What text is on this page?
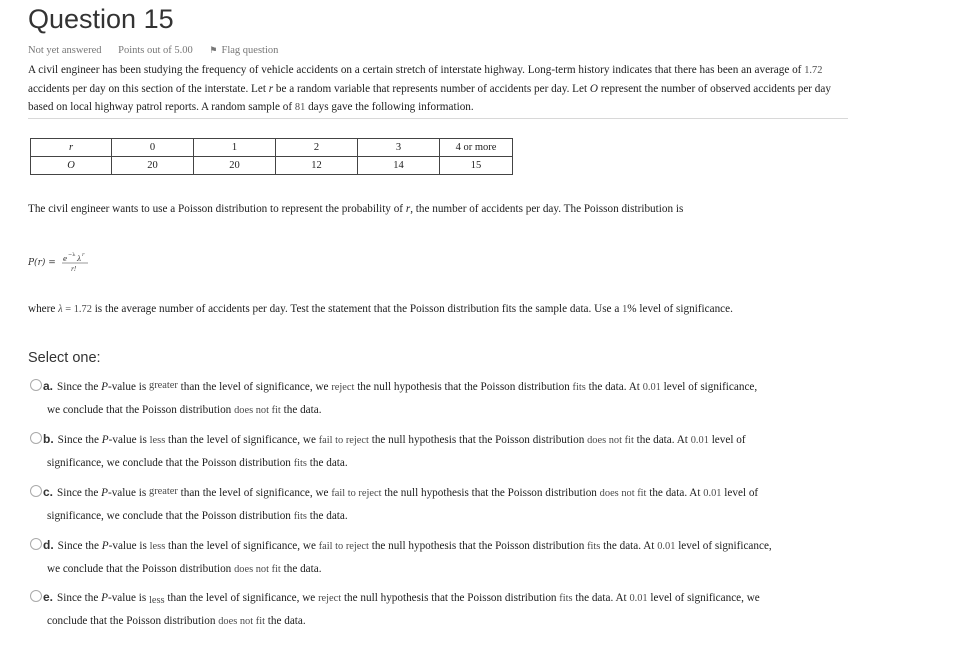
Question 15
Not yet answered Points out of 5.00 ⚑ Flag question
A civil engineer has been studying the frequency of vehicle accidents on a certain stretch of interstate highway. Long-term history indicates that there has been an average of 1.72 accidents per day on this section of the interstate. Let r be a random variable that represents number of accidents per day. Let O represent the number of observed accidents per day based on local highway patrol reports. A random sample of 81 days gave the following information.
r	0	1	2	3	4 or more
O	20	20	12	14	15
The civil engineer wants to use a Poisson distribution to represent the probability of r, the number of accidents per day. The Poisson distribution is
P(r) = e −λ λ r
r!
where λ = 1.72 is the average number of accidents per day. Test the statement that the Poisson distribution fits the sample data. Use a 1% level of significance.
Select one:
a. Since the P-value is greater than the level of significance, we reject the null hypothesis that the Poisson distribution fits the data. At 0.01 level of significance,
we conclude that the Poisson distribution does not fit the data.
b. Since the P-value is less than the level of significance, we fail to reject the null hypothesis that the Poisson distribution does not fit the data. At 0.01 level of
significance, we conclude that the Poisson distribution fits the data.
c. Since the P-value is greater than the level of significance, we fail to reject the null hypothesis that the Poisson distribution does not fit the data. At 0.01 level of
significance, we conclude that the Poisson distribution fits the data.
d. Since the P-value is less than the level of significance, we fail to reject the null hypothesis that the Poisson distribution fits the data. At 0.01 level of significance,
we conclude that the Poisson distribution does not fit the data.
e. Since the P-value is less than the level of significance, we reject the null hypothesis that the Poisson distribution fits the data. At 0.01 level of significance, we
conclude that the Poisson distribution does not fit the data.
